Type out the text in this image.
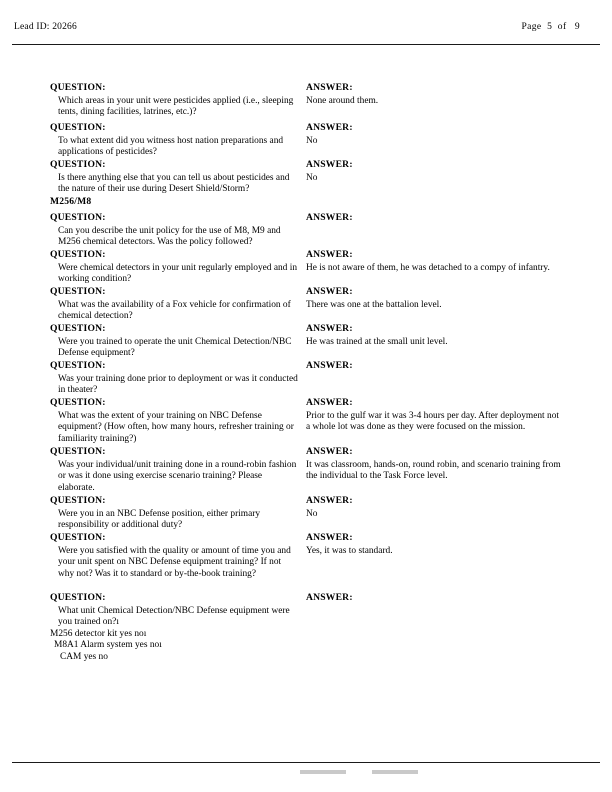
Lead ID: 20266	Page  5  of   9
QUESTION:
Which areas in your unit were pesticides applied (i.e., sleeping tents, dining facilities, latrines, etc.)?
ANSWER:
None around them.
QUESTION:
To what extent did you witness host nation preparations and applications of pesticides?
ANSWER:
No
QUESTION:
Is there anything else that you can tell us about pesticides and the nature of their use during Desert Shield/Storm?
ANSWER:
No
M256/M8
QUESTION:
Can you describe the unit policy for the use of M8, M9 and M256 chemical detectors. Was the policy followed?
ANSWER:
QUESTION:
Were chemical detectors in your unit regularly employed and in working condition?
ANSWER:
He is not aware of them, he was detached to a compy of infantry.
QUESTION:
What was the availability of a Fox vehicle for confirmation of chemical detection?
ANSWER:
There was one at the battalion level.
QUESTION:
Were you trained to operate the unit Chemical Detection/NBC Defense equipment?
ANSWER:
He was trained at the small unit level.
QUESTION:
Was your training done prior to deployment or was it conducted in theater?
ANSWER:
QUESTION:
What was the extent of your training on NBC Defense equipment? (How often, how many hours, refresher training or familiarity training?)
ANSWER:
Prior to the gulf war it was 3-4 hours per day. After deployment not a whole lot was done as they were focused on the mission.
QUESTION:
Was your individual/unit training done in a round-robin fashion or was it done using exercise scenario training? Please elaborate.
ANSWER:
It was classroom, hands-on, round robin, and scenario training from the individual to the Task Force level.
QUESTION:
Were you in an NBC Defense position, either primary responsibility or additional duty?
ANSWER:
No
QUESTION:
Were you satisfied with the quality or amount of time you and your unit spent on NBC Defense equipment training? If not why not? Was it to standard or by-the-book training?
ANSWER:
Yes, it was to standard.
QUESTION:
What unit Chemical Detection/NBC Defense equipment were you trained on?ı
M256 detector kit yes noı
M8A1 Alarm system yes noı
CAM yes no
ANSWER:
